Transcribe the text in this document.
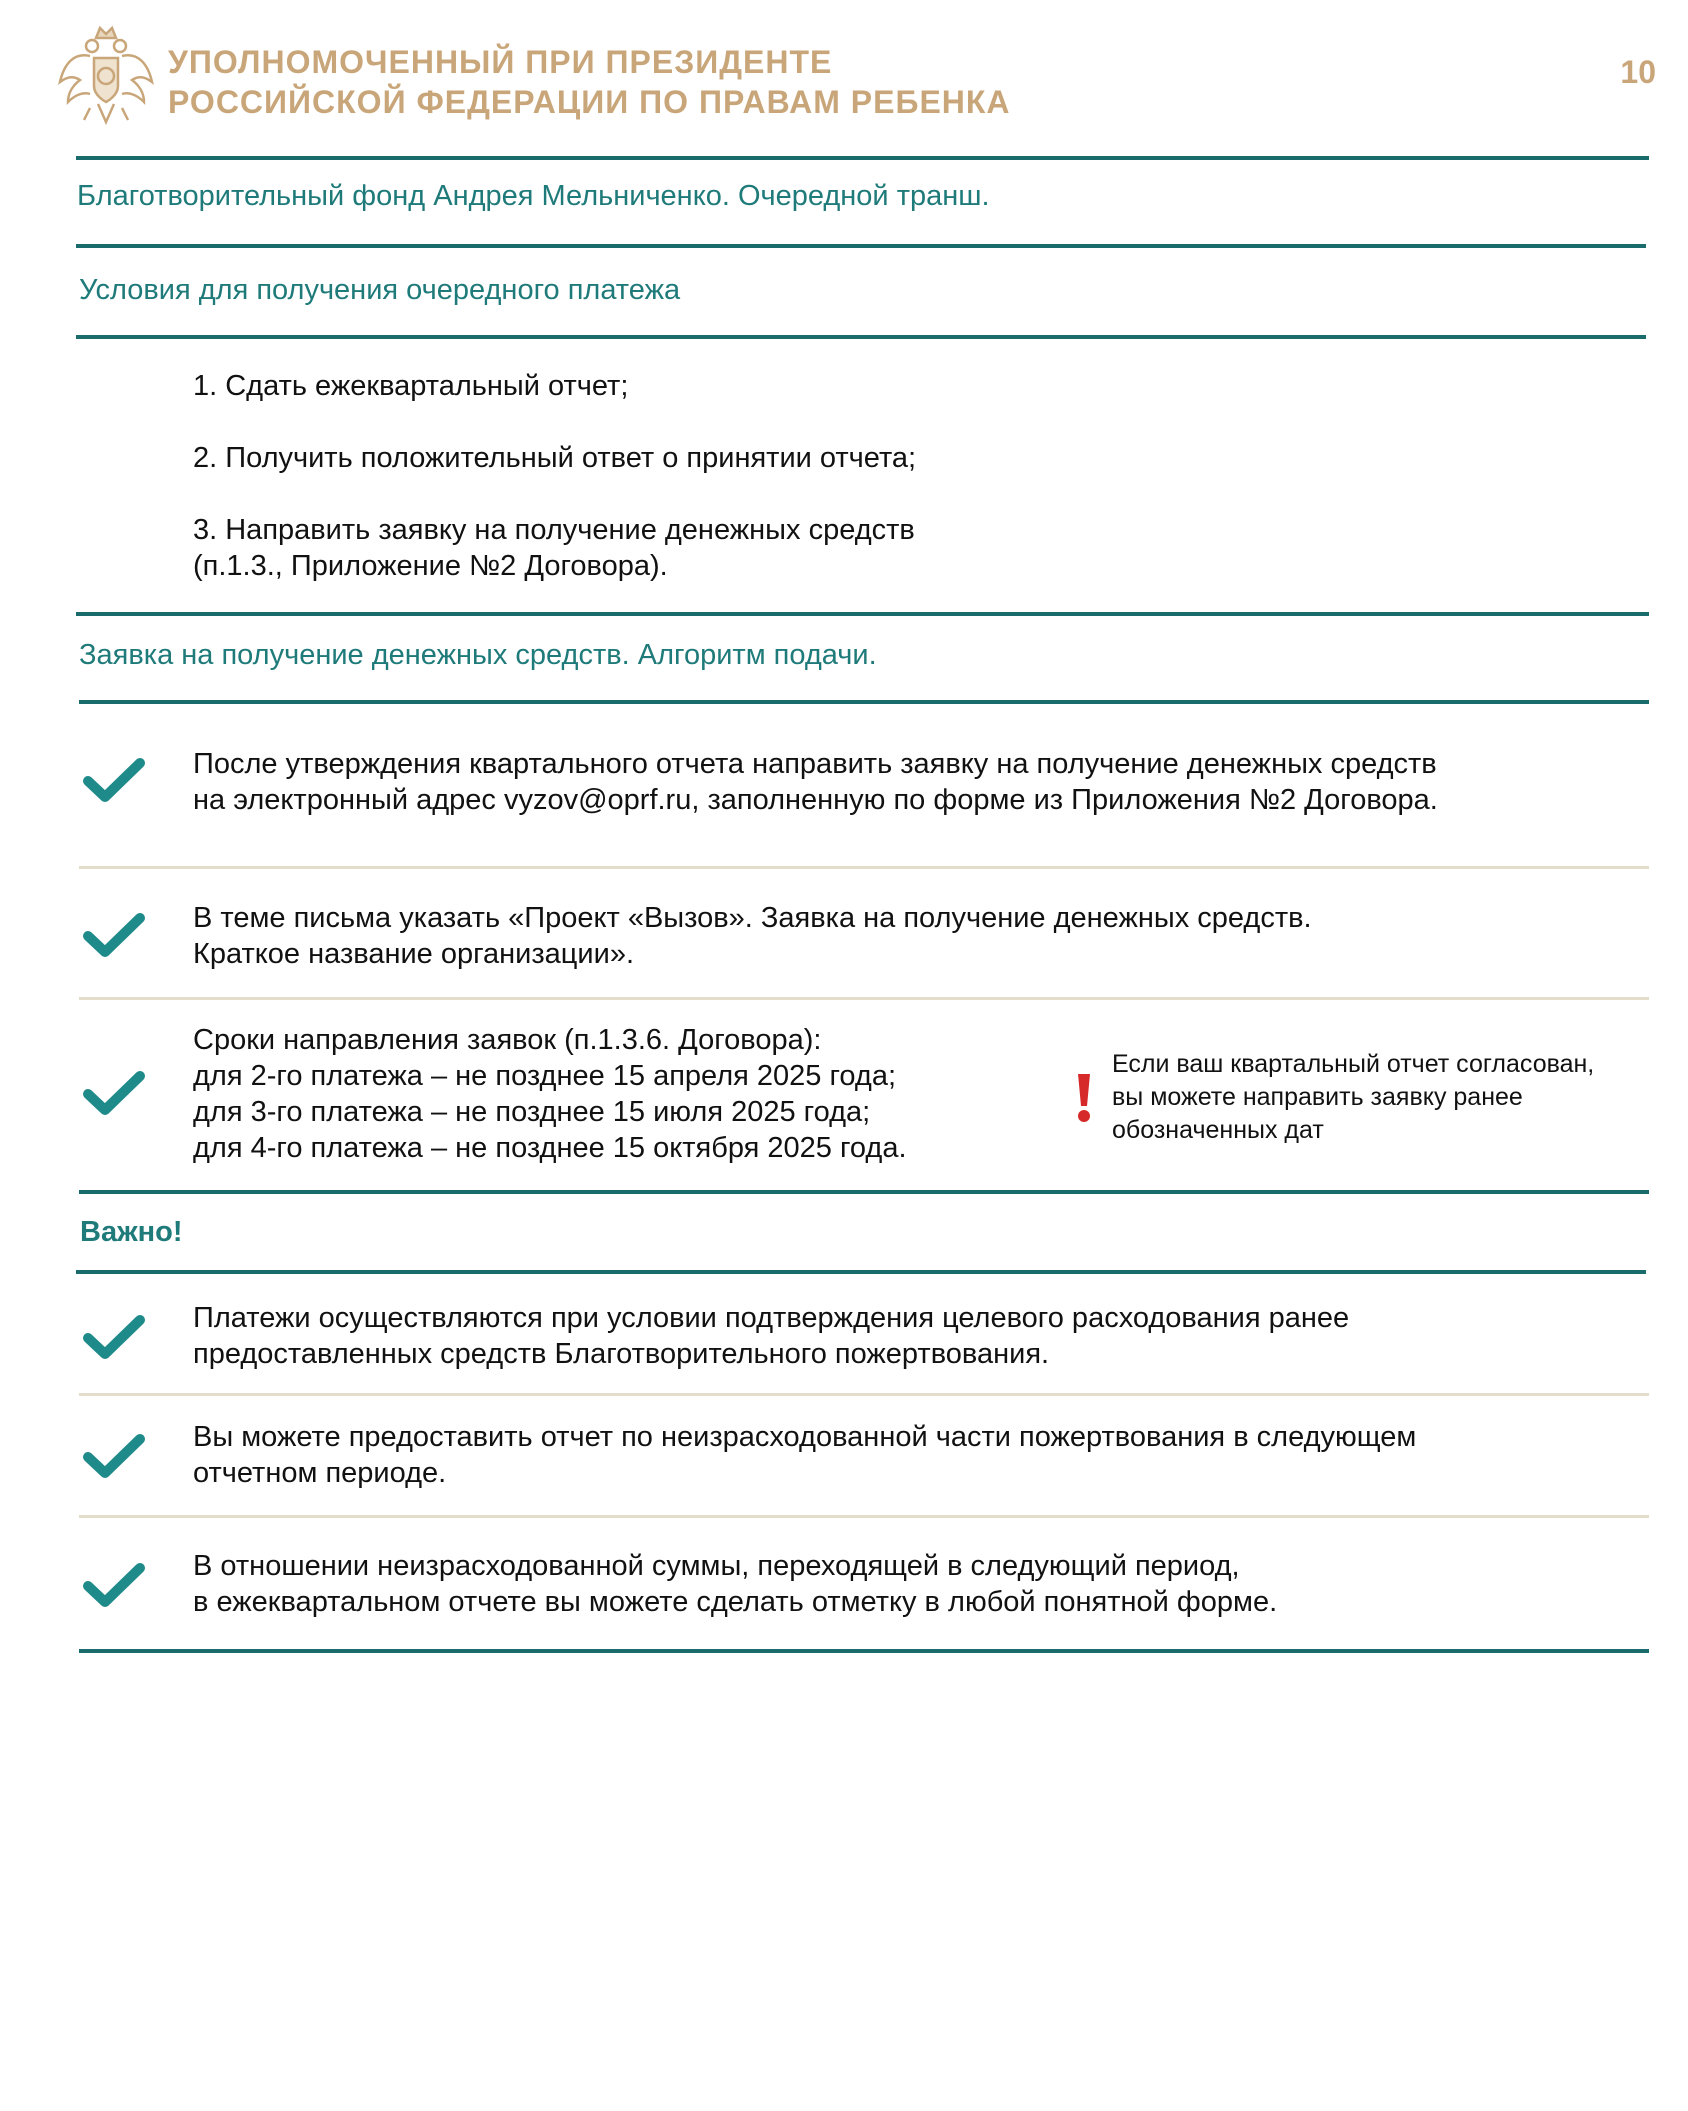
УПОЛНОМОЧЕННЫЙ ПРИ ПРЕЗИДЕНТЕ
РОССИЙСКОЙ ФЕДЕРАЦИИ ПО ПРАВАМ РЕБЕНКА
10
Благотворительный фонд Андрея Мельниченко. Очередной транш.
Условия для получения очередного платежа
1. Сдать ежеквартальный отчет;
2. Получить положительный ответ о принятии отчета;
3. Направить заявку на получение денежных средств
(п.1.3., Приложение №2 Договора).
Заявка на получение денежных средств. Алгоритм подачи.
После утверждения квартального отчета направить заявку на получение денежных средств
на электронный адрес vyzov@oprf.ru, заполненную по форме из Приложения №2 Договора.
В теме письма указать «Проект «Вызов». Заявка на получение денежных средств.
Краткое название организации».
Сроки направления заявок (п.1.3.6. Договора):
для 2-го платежа – не позднее 15 апреля 2025 года;
для 3-го платежа – не позднее 15 июля 2025 года;
для 4-го платежа – не позднее 15 октября 2025 года.
Если ваш квартальный отчет согласован,
вы можете направить заявку ранее
обозначенных дат
Важно!
Платежи осуществляются при условии подтверждения целевого расходования ранее
предоставленных средств Благотворительного пожертвования.
Вы можете предоставить отчет по неизрасходованной части пожертвования в следующем
отчетном периоде.
В отношении неизрасходованной суммы, переходящей в следующий период,
в ежеквартальном отчете вы можете сделать отметку в любой понятной форме.
